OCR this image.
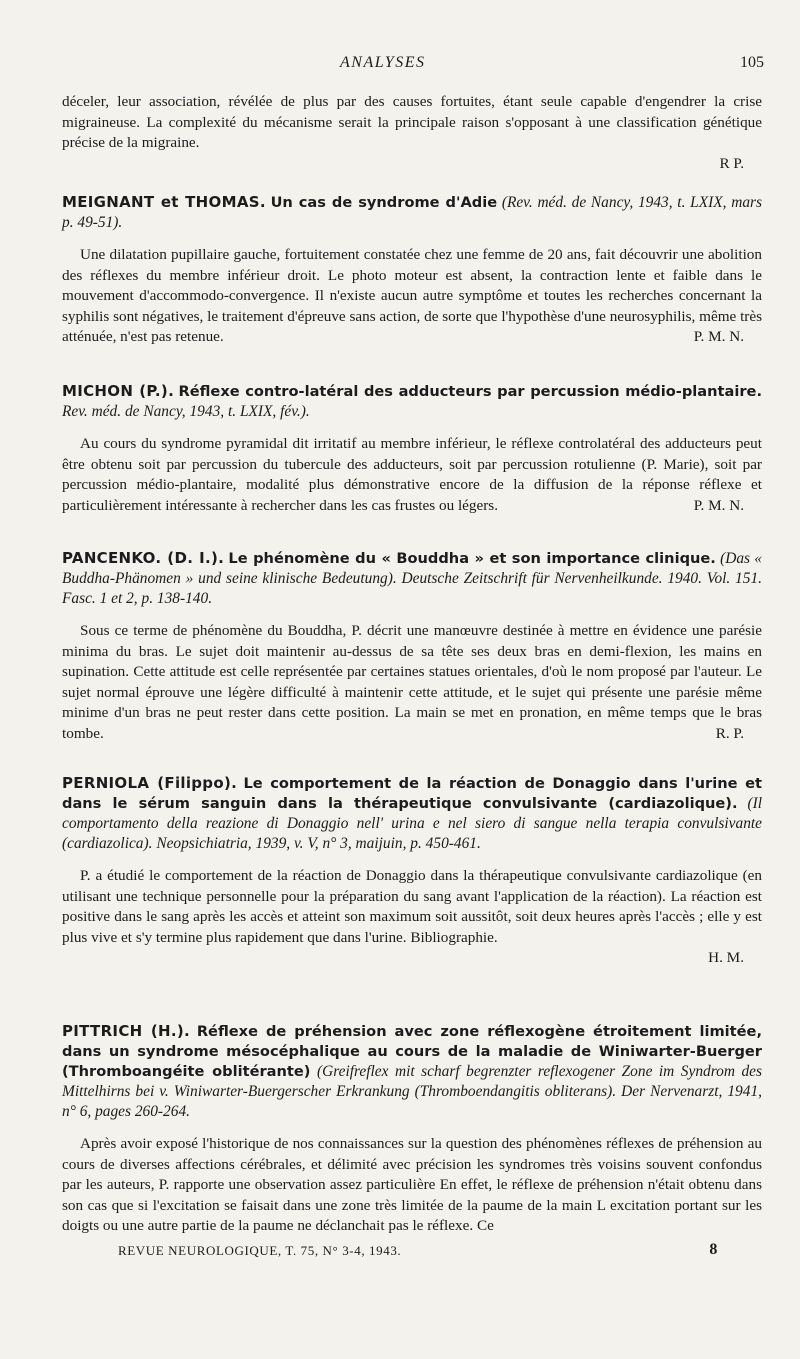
ANALYSES	105
déceler, leur association, révélée de plus par des causes fortuites, étant seule capable d'engendrer la crise migraineuse. La complexité du mécanisme serait la principale raison s'opposant à une classification génétique précise de la migraine.
R P.
MEIGNANT et THOMAS. Un cas de syndrome d'Adie (Rev. méd. de Nancy, 1943, t. LXIX, mars p. 49-51).
Une dilatation pupillaire gauche, fortuitement constatée chez une femme de 20 ans, fait découvrir une abolition des réflexes du membre inférieur droit. Le photo moteur est absent, la contraction lente et faible dans le mouvement d'accommodo-convergence. Il n'existe aucun autre symptôme et toutes les recherches concernant la syphilis sont négatives, le traitement d'épreuve sans action, de sorte que l'hypothèse d'une neurosyphilis, même très atténuée, n'est pas retenue.	P. M. N.
MICHON (P.). Réflexe contro-latéral des adducteurs par percussion médio-plantaire. Rev. méd. de Nancy, 1943, t. LXIX, fév.).
Au cours du syndrome pyramidal dit irritatif au membre inférieur, le réflexe controlatéral des adducteurs peut être obtenu soit par percussion du tubercule des adducteurs, soit par percussion rotulienne (P. Marie), soit par percussion médio-plantaire, modalité plus démonstrative encore de la diffusion de la réponse réflexe et particulièrement intéressante à rechercher dans les cas frustes ou légers.	P. M. N.
PANCENKO. (D. I.). Le phénomène du « Bouddha » et son importance clinique. (Das « Buddha-Phänomen » und seine klinische Bedeutung). Deutsche Zeitschrift für Nervenheilkunde. 1940. Vol. 151. Fasc. 1 et 2, p. 138-140.
Sous ce terme de phénomène du Bouddha, P. décrit une manœuvre destinée à mettre en évidence une parésie minima du bras. Le sujet doit maintenir au-dessus de sa tête ses deux bras en demi-flexion, les mains en supination. Cette attitude est celle représentée par certaines statues orientales, d'où le nom proposé par l'auteur. Le sujet normal éprouve une légère difficulté à maintenir cette attitude, et le sujet qui présente une parésie même minime d'un bras ne peut rester dans cette position. La main se met en pronation, en même temps que le bras tombe.	R. P.
PERNIOLA (Filippo). Le comportement de la réaction de Donaggio dans l'urine et dans le sérum sanguin dans la thérapeutique convulsivante (cardiazolique). (Il comportamento della reazione di Donaggio nell' urina e nel siero di sangue nella terapia convulsivante (cardiazolica). Neopsichiatria, 1939, v. V, n° 3, maijuin, p. 450-461.
P. a étudié le comportement de la réaction de Donaggio dans la thérapeutique convulsivante cardiazolique (en utilisant une technique personnelle pour la préparation du sang avant l'application de la réaction). La réaction est positive dans le sang après les accès et atteint son maximum soit aussitôt, soit deux heures après l'accès ; elle y est plus vive et s'y termine plus rapidement que dans l'urine. Bibliographie.
H. M.
PITTRICH (H.). Réflexe de préhension avec zone réflexogène étroitement limitée, dans un syndrome mésocéphalique au cours de la maladie de Winiwarter-Buerger (Thromboangéite oblitérante) (Greifreflex mit scharf begrenzter reflexogener Zone im Syndrom des Mittelhirns bei v. Winiwarter-Buergerscher Erkrankung (Thromboendangitis obliterans). Der Nervenarzt, 1941, n° 6, pages 260-264.
Après avoir exposé l'historique de nos connaissances sur la question des phénomènes réflexes de préhension au cours de diverses affections cérébrales, et délimité avec précision les syndromes très voisins souvent confondus par les auteurs, P. rapporte une observation assez particulière En effet, le réflexe de préhension n'était obtenu dans son cas que si l'excitation se faisait dans une zone très limitée de la paume de la main L excitation portant sur les doigts ou une autre partie de la paume ne déclanchait pas le réflexe. Ce
REVUE NEUROLOGIQUE, T. 75, N° 3-4, 1943.	8
